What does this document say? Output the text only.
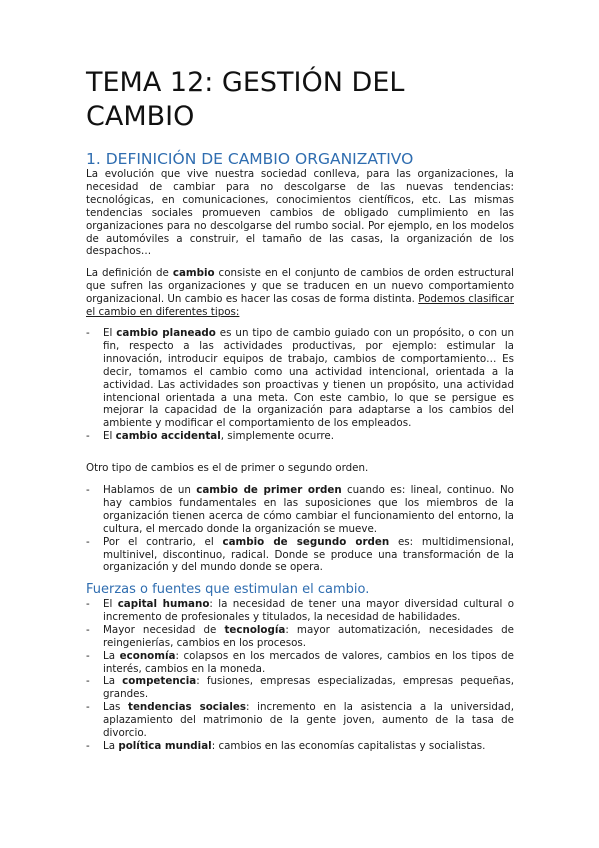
TEMA 12: GESTIÓN DEL CAMBIO
1. DEFINICIÓN DE CAMBIO ORGANIZATIVO

La evolución que vive nuestra sociedad conlleva, para las organizaciones, la necesidad de cambiar para no descolgarse de las nuevas tendencias: tecnológicas, en comunicaciones, conocimientos científicos, etc. Las mismas tendencias sociales promueven cambios de obligado cumplimiento en las organizaciones para no descolgarse del rumbo social. Por ejemplo, en los modelos de automóviles a construir, el tamaño de las casas, la organización de los despachos…

La definición de cambio consiste en el conjunto de cambios de orden estructural que sufren las organizaciones y que se traducen en un nuevo comportamiento organizacional. Un cambio es hacer las cosas de forma distinta. Podemos clasificar el cambio en diferentes tipos:

- El cambio planeado es un tipo de cambio guiado con un propósito, o con un fin, respecto a las actividades productivas, por ejemplo: estimular la innovación, introducir equipos de trabajo, cambios de comportamiento… Es decir, tomamos el cambio como una actividad intencional, orientada a la actividad. Las actividades son proactivas y tienen un propósito, una actividad intencional orientada a una meta. Con este cambio, lo que se persigue es mejorar la capacidad de la organización para adaptarse a los cambios del ambiente y modificar el comportamiento de los empleados.
- El cambio accidental, simplemente ocurre.

Otro tipo de cambios es el de primer o segundo orden.

- Hablamos de un cambio de primer orden cuando es: lineal, continuo. No hay cambios fundamentales en las suposiciones que los miembros de la organización tienen acerca de cómo cambiar el funcionamiento del entorno, la cultura, el mercado donde la organización se mueve.
- Por el contrario, el cambio de segundo orden es: multidimensional, multinivel, discontinuo, radical. Donde se produce una transformación de la organización y del mundo donde se opera.
Fuerzas o fuentes que estimulan el cambio.
- El capital humano: la necesidad de tener una mayor diversidad cultural o incremento de profesionales y titulados, la necesidad de habilidades.
- Mayor necesidad de tecnología: mayor automatización, necesidades de reingenierías, cambios en los procesos.
- La economía: colapsos en los mercados de valores, cambios en los tipos de interés, cambios en la moneda.
- La competencia: fusiones, empresas especializadas, empresas pequeñas, grandes.
- Las tendencias sociales: incremento en la asistencia a la universidad, aplazamiento del matrimonio de la gente joven, aumento de la tasa de divorcio.
- La política mundial: cambios en las economías capitalistas y socialistas.
